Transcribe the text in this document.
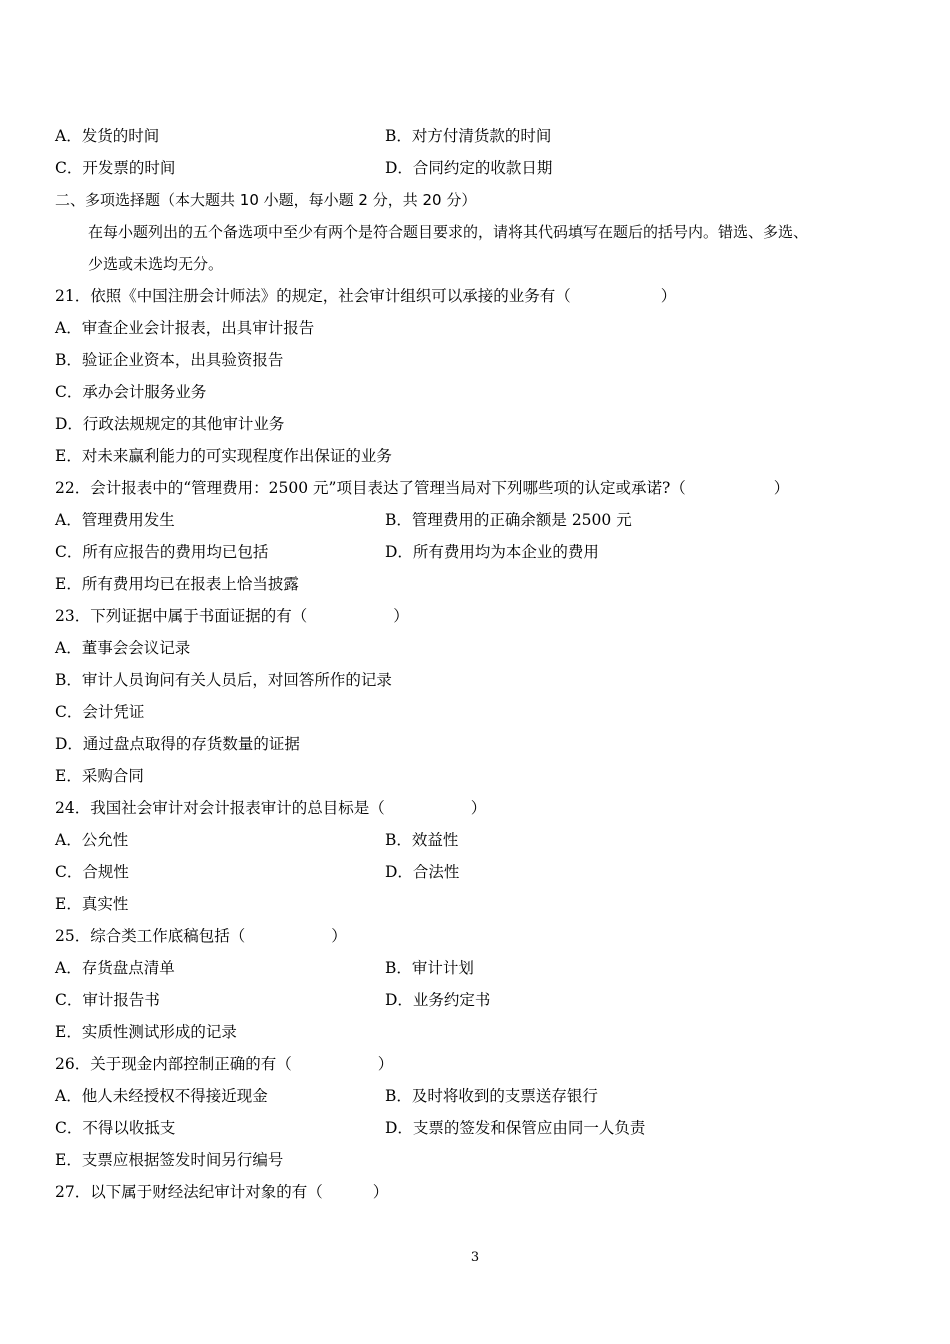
A．发货的时间	B．对方付清货款的时间
C．开发票的时间	D．合同约定的收款日期
二、多项选择题（本大题共 10 小题，每小题 2 分，共 20 分）
在每小题列出的五个备选项中至少有两个是符合题目要求的，请将其代码填写在题后的括号内。错选、多选、
少选或未选均无分。
21．依照《中国注册会计师法》的规定，社会审计组织可以承接的业务有（	）
A．审查企业会计报表，出具审计报告
B．验证企业资本，出具验资报告
C．承办会计服务业务
D．行政法规规定的其他审计业务
E．对未来赢利能力的可实现程度作出保证的业务
22．会计报表中的“管理费用：2500 元”项目表达了管理当局对下列哪些项的认定或承诺?（	）
A．管理费用发生	B．管理费用的正确余额是 2500 元
C．所有应报告的费用均已包括	D．所有费用均为本企业的费用
E．所有费用均已在报表上恰当披露
23．下列证据中属于书面证据的有（	）
A．董事会会议记录
B．审计人员询问有关人员后，对回答所作的记录
C．会计凭证
D．通过盘点取得的存货数量的证据
E．采购合同
24．我国社会审计对会计报表审计的总目标是（	）
A．公允性	B．效益性
C．合规性	D．合法性
E．真实性
25．综合类工作底稿包括（	）
A．存货盘点清单	B．审计计划
C．审计报告书	D．业务约定书
E．实质性测试形成的记录
26．关于现金内部控制正确的有（	）
A．他人未经授权不得接近现金	B．及时将收到的支票送存银行
C．不得以收抵支	D．支票的签发和保管应由同一人负责
E．支票应根据签发时间另行编号
27．以下属于财经法纪审计对象的有（	）
3
